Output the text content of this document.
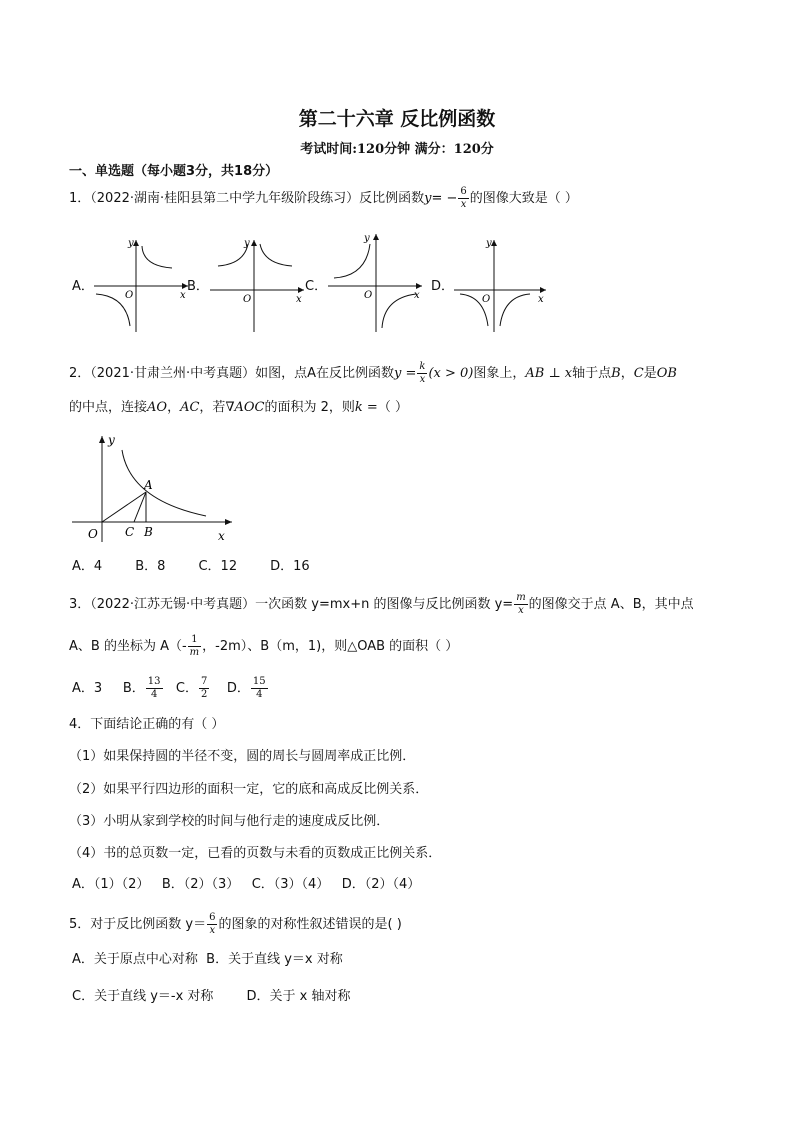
第二十六章 反比例函数
考试时间:120分钟 满分：120分
一、单选题（每小题3分，共18分）
1．（2022·湖南·桂阳县第二中学九年级阶段练习）反比例函数$y= - \frac{6}{x}$ 的图像大致是（ ）
A．
y
x
O
B．
y
x
O
C．
y
x
O
D．
y
x
O
2．（2021·甘肃兰州·中考真题）如图，点A在反比例函数$y = \frac{k}{x} (x > 0)$图象上，AB ⊥ x轴于点B，C是OB
的中点，连接AO，AC，若∇AOC的面积为 2，则k =（ ）
y
x
O C B
A
A．4        B．8        C．12        D．16
3．（2022·江苏无锡·中考真题）一次函数 y=mx+n 的图像与反比例函数 $y= \frac{m}{x}$ 的图像交于点 A、B，其中点
A、B 的坐标为 $A(- \frac{1}{m}$ ，-2m）、B（m，1)，则△OAB 的面积（ ）
A．3 B． $\frac{13}{4}$ C． $\frac{7}{2}$ D． $\frac{15}{4}$
4．下面结论正确的有（ ）
（1）如果保持圆的半径不变，圆的周长与圆周率成正比例．
（2）如果平行四边形的面积一定，它的底和高成反比例关系．
（3）小明从家到学校的时间与他行走的速度成反比例．
（4）书的总页数一定，已看的页数与未看的页数成正比例关系．
A．（1）（2）   B．（2）（3）   C．（3）（4）   D．（2）（4）
5．对于反比例函数 $y= \frac{6}{x}$ 的图象的对称性叙述错误的是( )
A．关于原点中心对称  B．关于直线 y＝x 对称
C．关于直线 y＝-x 对称        D．关于 x 轴对称
